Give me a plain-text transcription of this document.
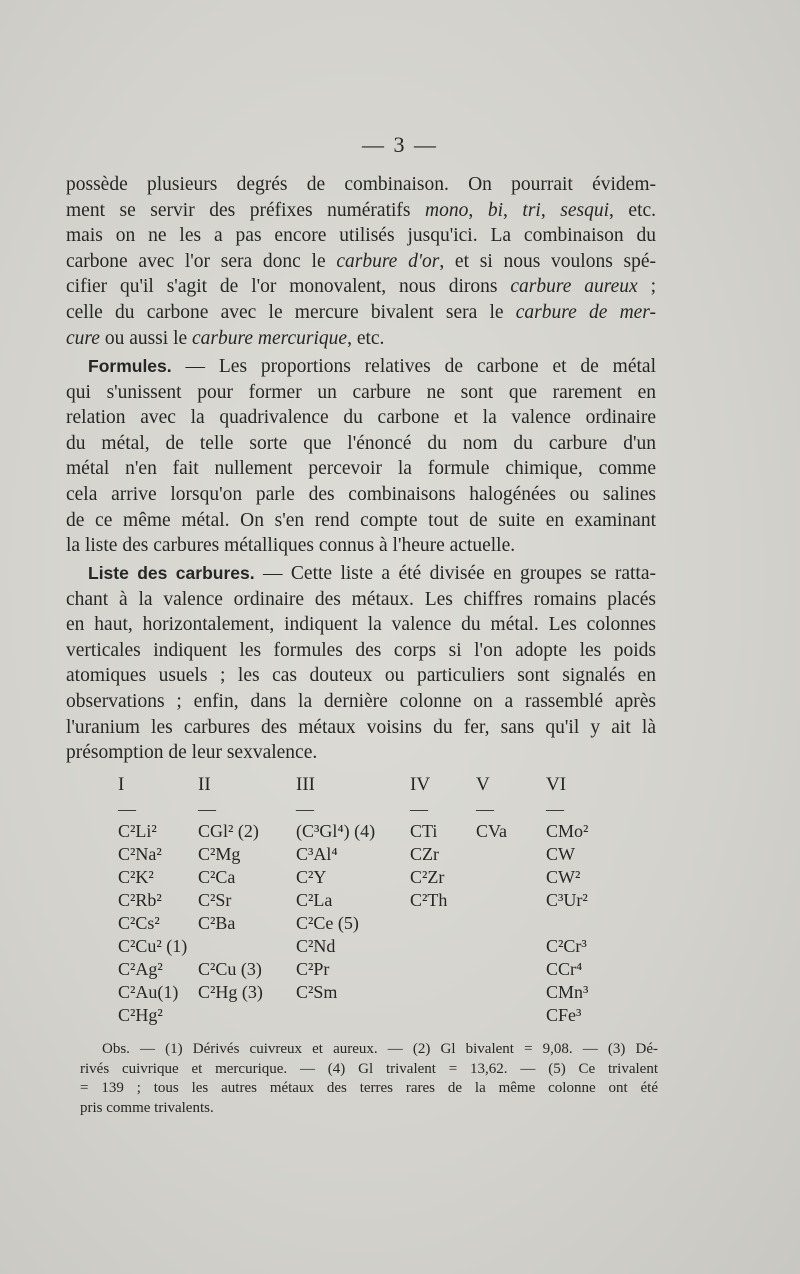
— 3 —
possède plusieurs degrés de combinaison. On pourrait évidem-
ment se servir des préfixes numératifs mono, bi, tri, sesqui, etc.
mais on ne les a pas encore utilisés jusqu'ici. La combinaison du
carbone avec l'or sera donc le carbure d'or, et si nous voulons spé-
cifier qu'il s'agit de l'or monovalent, nous dirons carbure aureux ;
celle du carbone avec le mercure bivalent sera le carbure de mer-
cure ou aussi le carbure mercurique, etc.
Formules. — Les proportions relatives de carbone et de métal
qui s'unissent pour former un carbure ne sont que rarement en
relation avec la quadrivalence du carbone et la valence ordinaire
du métal, de telle sorte que l'énoncé du nom du carbure d'un
métal n'en fait nullement percevoir la formule chimique, comme
cela arrive lorsqu'on parle des combinaisons halogénées ou salines
de ce même métal. On s'en rend compte tout de suite en examinant
la liste des carbures métalliques connus à l'heure actuelle.
Liste des carbures. — Cette liste a été divisée en groupes se ratta-
chant à la valence ordinaire des métaux. Les chiffres romains placés
en haut, horizontalement, indiquent la valence du métal. Les colonnes
verticales indiquent les formules des corps si l'on adopte les poids
atomiques usuels ; les cas douteux ou particuliers sont signalés en
observations ; enfin, dans la dernière colonne on a rassemblé après
l'uranium les carbures des métaux voisins du fer, sans qu'il y ait là
présomption de leur sexvalence.
I
—
C²Li²
C²Na²
C²K²
C²Rb²
C²Cs²
C²Cu² (1)
C²Ag²
C²Au(1)
C²Hg²
II
—
CGl² (2)
C²Mg
C²Ca
C²Sr
C²Ba
C²Cu (3)
C²Hg (3)
III
—
(C³Gl⁴) (4)
C³Al⁴
C²Y
C²La
C²Ce (5)
C²Nd
C²Pr
C²Sm
IV
—
CTi
CZr
C²Zr
C²Th
V
—
CVa
VI
—
CMo²
CW
CW²
C³Ur²
C²Cr³
CCr⁴
CMn³
CFe³
Obs. — (1) Dérivés cuivreux et aureux. — (2) Gl bivalent = 9,08. — (3) Dé-
rivés cuivrique et mercurique. — (4) Gl trivalent = 13,62. — (5) Ce trivalent
= 139 ; tous les autres métaux des terres rares de la même colonne ont été
pris comme trivalents.
